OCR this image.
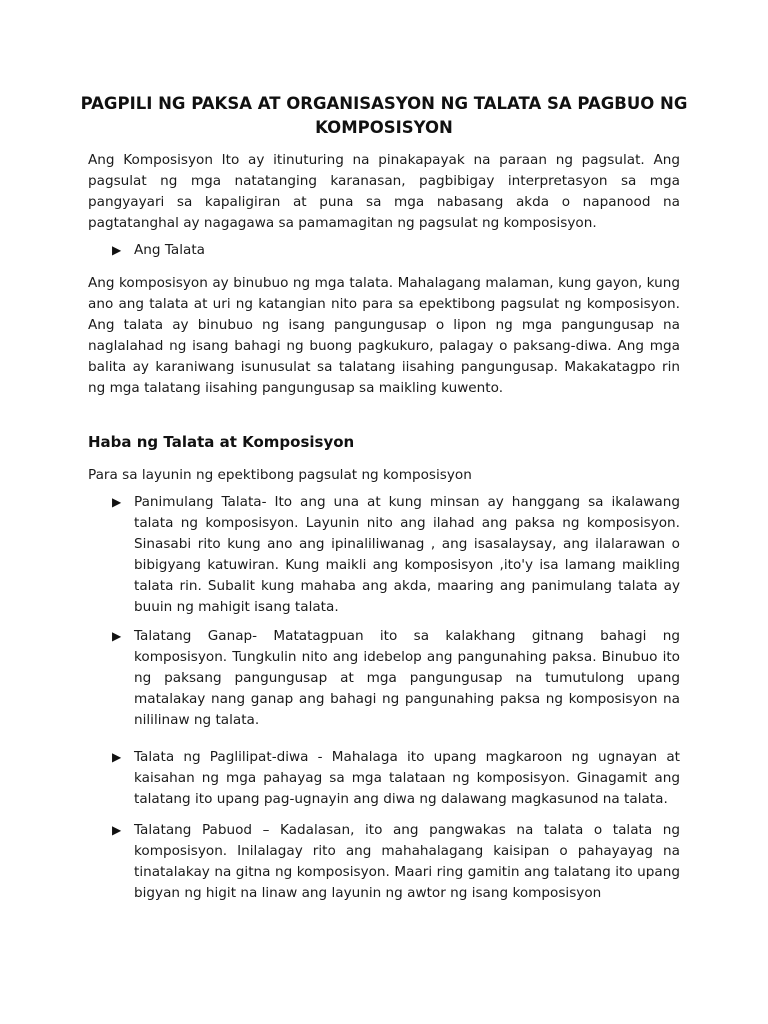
PAGPILI NG PAKSA AT ORGANISASYON NG TALATA SA PAGBUO NG KOMPOSISYON

Ang Komposisyon Ito ay itinuturing na pinakapayak na paraan ng pagsulat. Ang pagsulat ng mga natatanging karanasan, pagbibigay interpretasyon sa mga pangyayari sa kapaligiran at puna sa mga nabasang akda o napanood na pagtatanghal ay nagagawa sa pamamagitan ng pagsulat ng komposisyon.

▶ Ang Talata

Ang komposisyon ay binubuo ng mga talata. Mahalagang malaman, kung gayon, kung ano ang talata at uri ng katangian nito para sa epektibong pagsulat ng komposisyon. Ang talata ay binubuo ng isang pangungusap o lipon ng mga pangungusap na naglalahad ng isang bahagi ng buong pagkukuro, palagay o paksang-diwa. Ang mga balita ay karaniwang isunusulat sa talatang iisahing pangungusap. Makakatagpo rin ng mga talatang iisahing pangungusap sa maikling kuwento.

Haba ng Talata at Komposisyon

Para sa layunin ng epektibong pagsulat ng komposisyon

▶ Panimulang Talata- Ito ang una at kung minsan ay hanggang sa ikalawang talata ng komposisyon. Layunin nito ang ilahad ang paksa ng komposisyon. Sinasabi rito kung ano ang ipinaliliwanag , ang isasalaysay, ang ilalarawan o bibigyang katuwiran. Kung maikli ang komposisyon ,ito'y isa lamang maikling talata rin. Subalit kung mahaba ang akda, maaring ang panimulang talata ay buuin ng mahigit isang talata.
▶ Talatang Ganap- Matatagpuan ito sa kalakhang gitnang bahagi ng komposisyon. Tungkulin nito ang idebelop ang pangunahing paksa. Binubuo ito ng paksang pangungusap at mga pangungusap na tumutulong upang matalakay nang ganap ang bahagi ng pangunahing paksa ng komposisyon na nililinaw ng talata.
▶ Talata ng Paglilipat-diwa - Mahalaga ito upang magkaroon ng ugnayan at kaisahan ng mga pahayag sa mga talataan ng komposisyon. Ginagamit ang talatang ito upang pag-ugnayin ang diwa ng dalawang magkasunod na talata.
▶ Talatang Pabuod – Kadalasan, ito ang pangwakas na talata o talata ng komposisyon. Inilalagay rito ang mahahalagang kaisipan o pahayayag na tinatalakay na gitna ng komposisyon. Maari ring gamitin ang talatang ito upang bigyan ng higit na linaw ang layunin ng awtor ng isang komposisyon
